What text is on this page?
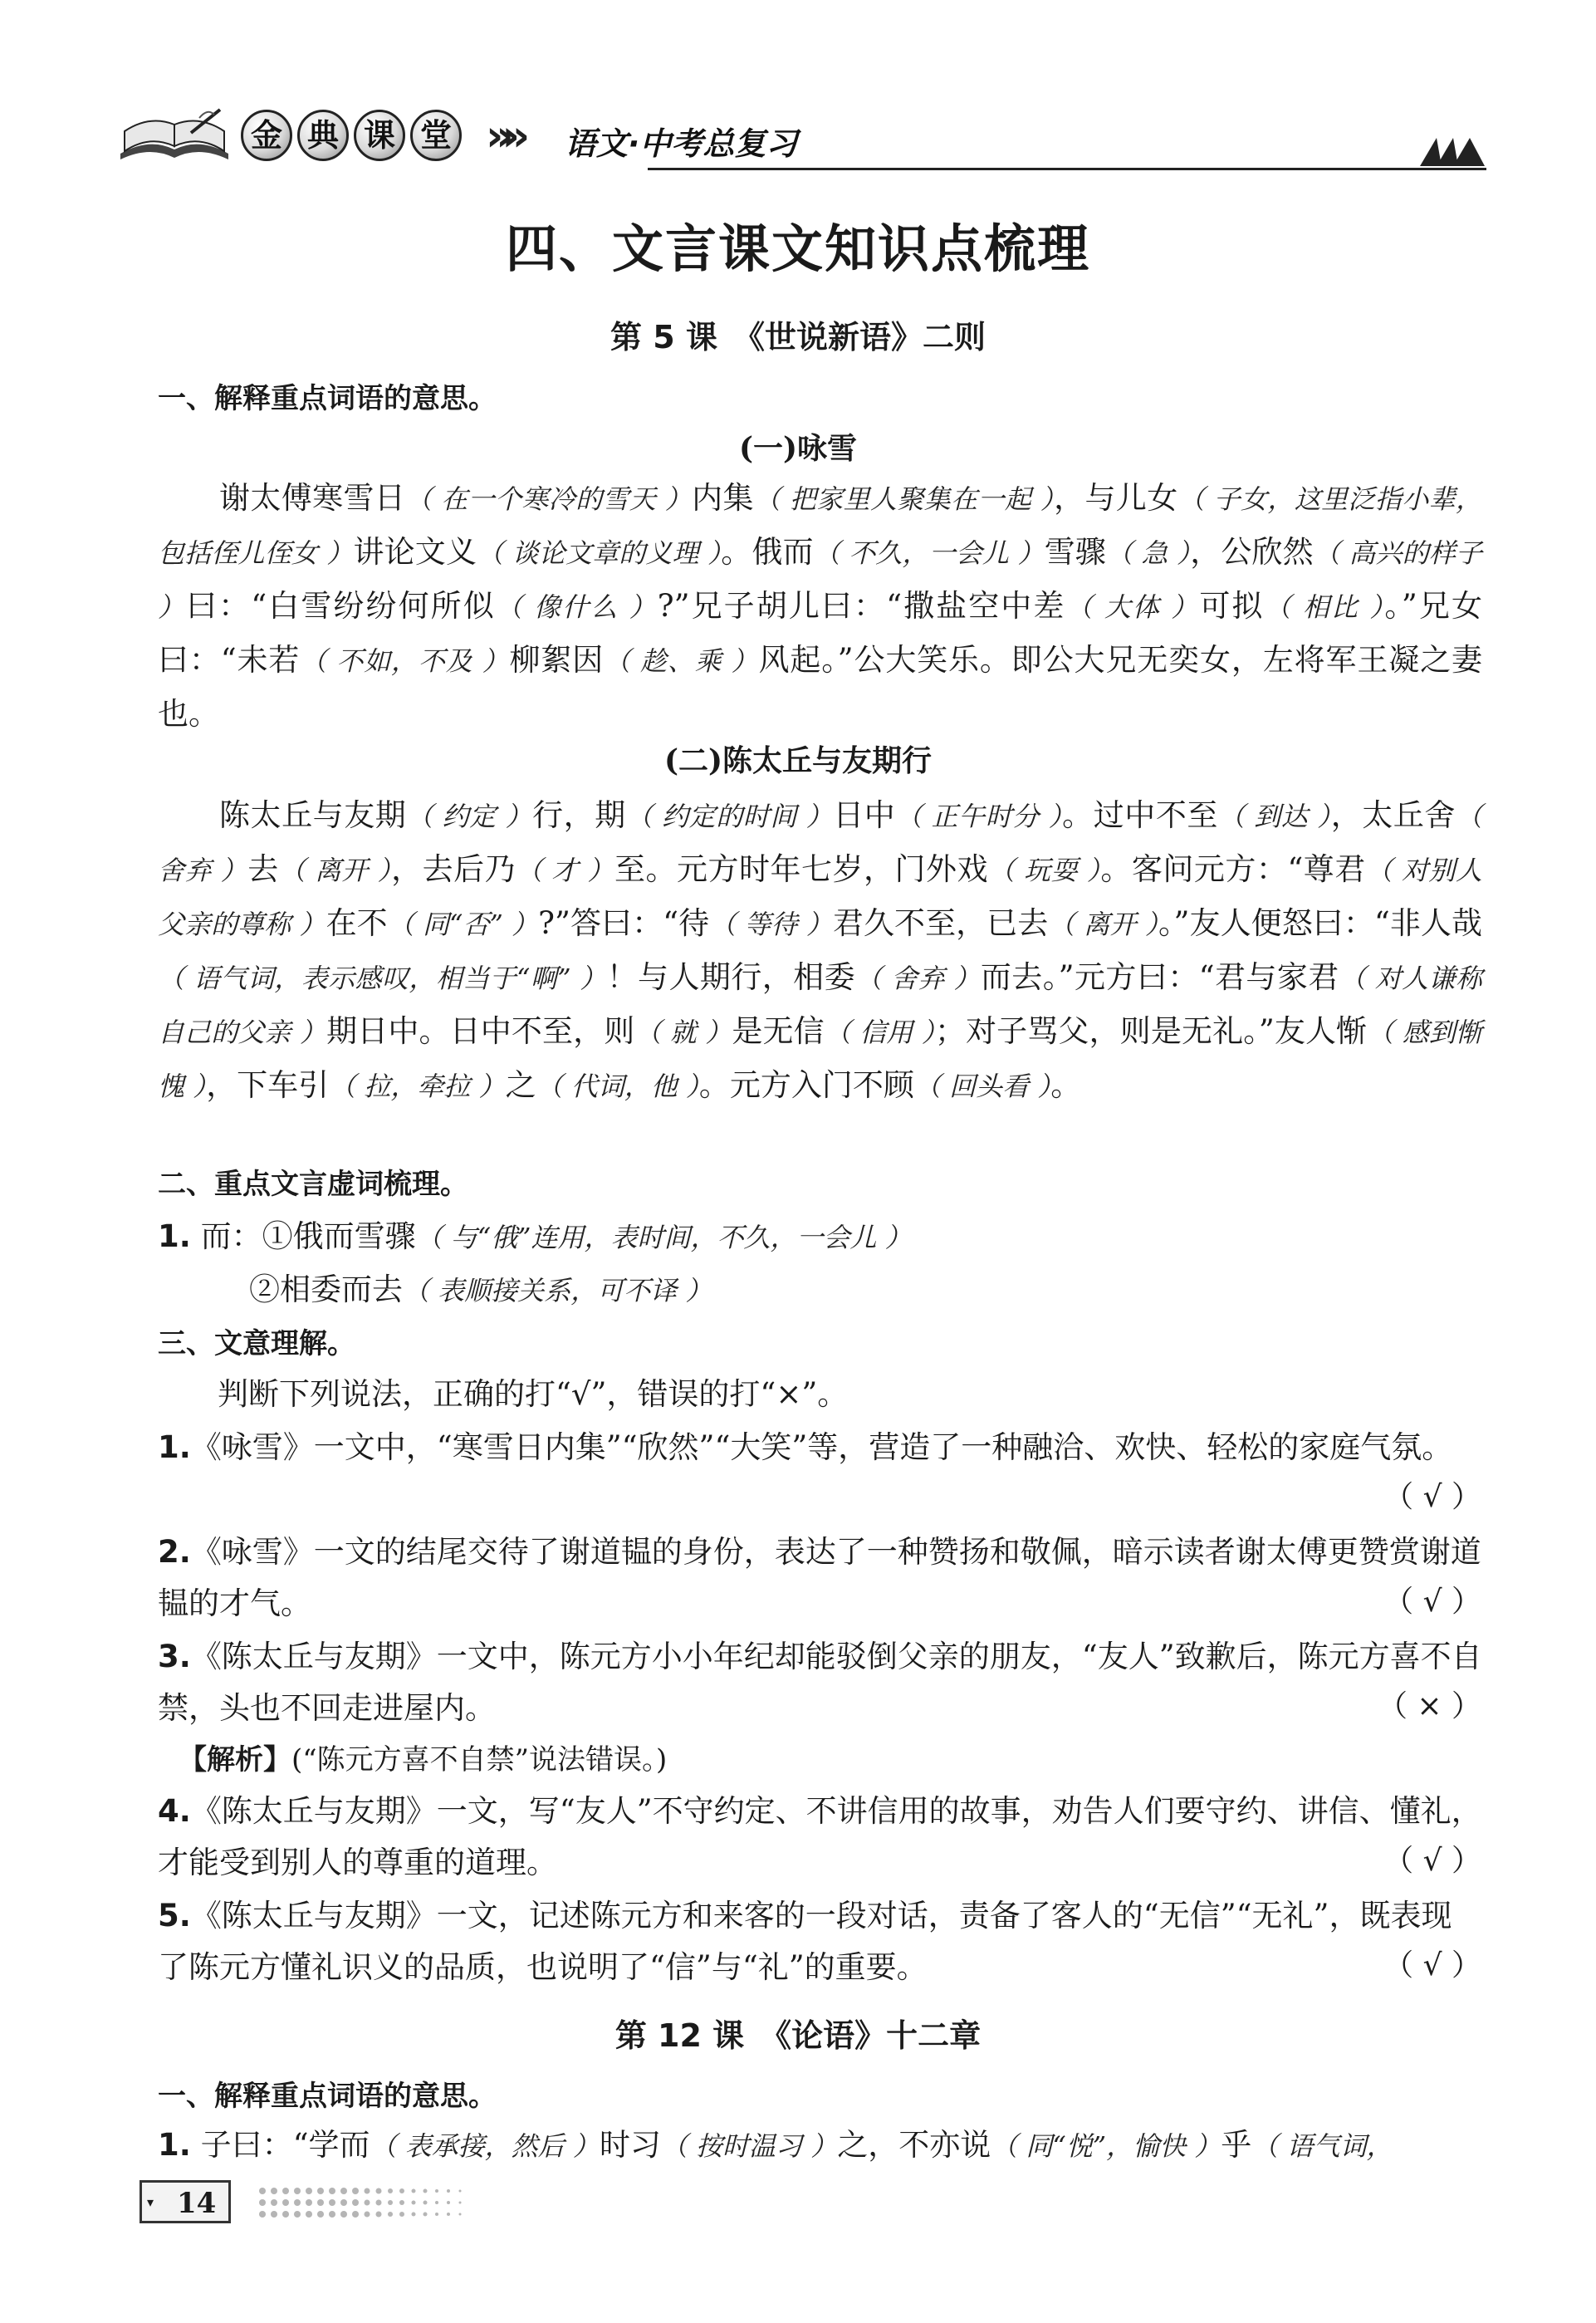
金 典 课 堂 »» 语文·中考总复习
四、文言课文知识点梳理
第 5 课　《世说新语》二则
一、解释重点词语的意思。
(一)咏雪
谢太傅寒雪日（ 在一个寒冷的雪天 ）内集（ 把家里人聚集在一起 ），与儿女（ 子女，这里泛指小辈，包括侄儿侄女 ）讲论文义（ 谈论文章的义理 ）。俄而（ 不久，一会儿 ）雪骤（ 急 ），公欣然（ 高兴的样子 ）曰：“白雪纷纷何所似（ 像什么 ）?”兄子胡儿曰：“撒盐空中差（ 大体 ）可拟（ 相比 ）。”兄女曰：“未若（ 不如，不及 ）柳絮因（ 趁、乘 ）风起。”公大笑乐。即公大兄无奕女，左将军王凝之妻也。
(二)陈太丘与友期行
陈太丘与友期（ 约定 ）行，期（ 约定的时间 ）日中（ 正午时分 ）。过中不至（ 到达 ），太丘舍（ 舍弃 ）去（ 离开 ），去后乃（ 才 ）至。元方时年七岁，门外戏（ 玩耍 ）。客问元方：“尊君（ 对别人父亲的尊称 ）在不（ 同“否” ）?”答曰：“待（ 等待 ）君久不至，已去（ 离开 ）。”友人便怒曰：“非人哉（ 语气词，表示感叹，相当于“啊” ）！与人期行，相委（ 舍弃 ）而去。”元方曰：“君与家君（ 对人谦称自己的父亲 ）期日中。日中不至，则（ 就 ）是无信（ 信用 ）；对子骂父，则是无礼。”友人惭（ 感到惭愧 ），下车引（ 拉，牵拉 ）之（ 代词，他 ）。元方入门不顾（ 回头看 ）。
二、重点文言虚词梳理。
1. 而：①俄而雪骤（ 与“俄”连用，表时间，不久，一会儿 ）
②相委而去（ 表顺接关系，可不译 ）
三、文意理解。
判断下列说法，正确的打“√”，错误的打“×”。
1.《咏雪》一文中，“寒雪日内集”“欣然”“大笑”等，营造了一种融洽、欢快、轻松的家庭气氛。
（ √ ）
2.《咏雪》一文的结尾交待了谢道韫的身份，表达了一种赞扬和敬佩，暗示读者谢太傅更赞赏谢道韫的才气。	（ √ ）
3.《陈太丘与友期》一文中，陈元方小小年纪却能驳倒父亲的朋友，“友人”致歉后，陈元方喜不自禁，头也不回走进屋内。	（ × ）
【解析】(“陈元方喜不自禁”说法错误。)
4.《陈太丘与友期》一文，写“友人”不守约定、不讲信用的故事，劝告人们要守约、讲信、懂礼，才能受到别人的尊重的道理。	（ √ ）
5.《陈太丘与友期》一文，记述陈元方和来客的一段对话，责备了客人的“无信”“无礼”，既表现了陈元方懂礼识义的品质，也说明了“信”与“礼”的重要。	（ √ ）
第 12 课　《论语》十二章
一、解释重点词语的意思。
1. 子曰：“学而（ 表承接，然后 ）时习（ 按时温习 ）之，不亦说（ 同“悦”，愉快 ）乎（ 语气词，
▾ 14
